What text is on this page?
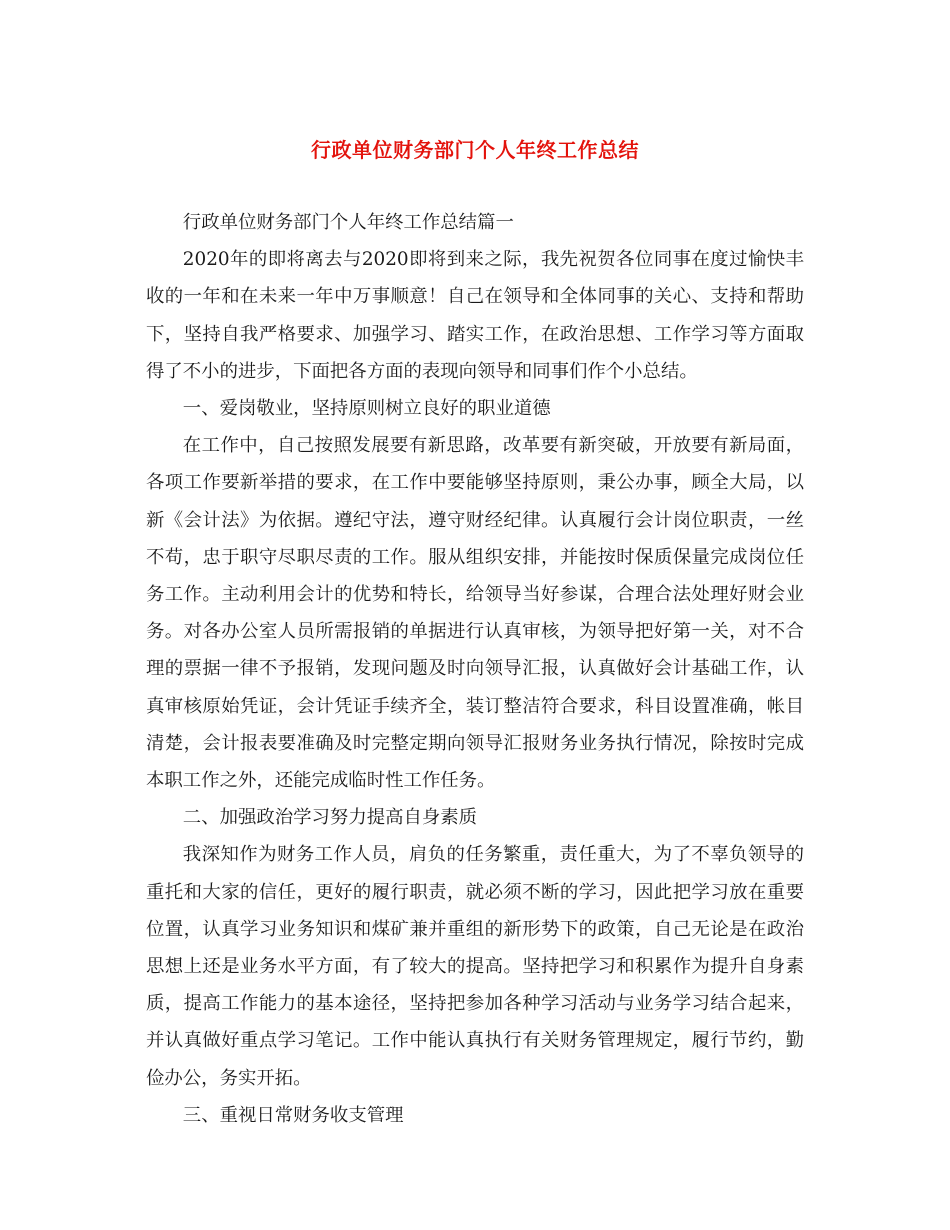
行政单位财务部门个人年终工作总结

行政单位财务部门个人年终工作总结篇一

2020年的即将离去与2020即将到来之际，我先祝贺各位同事在度过愉快丰收的一年和在未来一年中万事顺意！自己在领导和全体同事的关心、支持和帮助下，坚持自我严格要求、加强学习、踏实工作，在政治思想、工作学习等方面取得了不小的进步，下面把各方面的表现向领导和同事们作个小总结。

一、爱岗敬业，坚持原则树立良好的职业道德

在工作中，自己按照发展要有新思路，改革要有新突破，开放要有新局面，各项工作要新举措的要求，在工作中要能够坚持原则，秉公办事，顾全大局，以新《会计法》为依据。遵纪守法，遵守财经纪律。认真履行会计岗位职责，一丝不苟，忠于职守尽职尽责的工作。服从组织安排，并能按时保质保量完成岗位任务工作。主动利用会计的优势和特长，给领导当好参谋，合理合法处理好财会业务。对各办公室人员所需报销的单据进行认真审核，为领导把好第一关，对不合理的票据一律不予报销，发现问题及时向领导汇报，认真做好会计基础工作，认真审核原始凭证，会计凭证手续齐全，装订整洁符合要求，科目设置准确，帐目清楚，会计报表要准确及时完整定期向领导汇报财务业务执行情况，除按时完成本职工作之外，还能完成临时性工作任务。

二、加强政治学习努力提高自身素质

我深知作为财务工作人员，肩负的任务繁重，责任重大，为了不辜负领导的重托和大家的信任，更好的履行职责，就必须不断的学习，因此把学习放在重要位置，认真学习业务知识和煤矿兼并重组的新形势下的政策，自己无论是在政治思想上还是业务水平方面，有了较大的提高。坚持把学习和积累作为提升自身素质，提高工作能力的基本途径，坚持把参加各种学习活动与业务学习结合起来，并认真做好重点学习笔记。工作中能认真执行有关财务管理规定，履行节约，勤俭办公，务实开拓。

三、重视日常财务收支管理
